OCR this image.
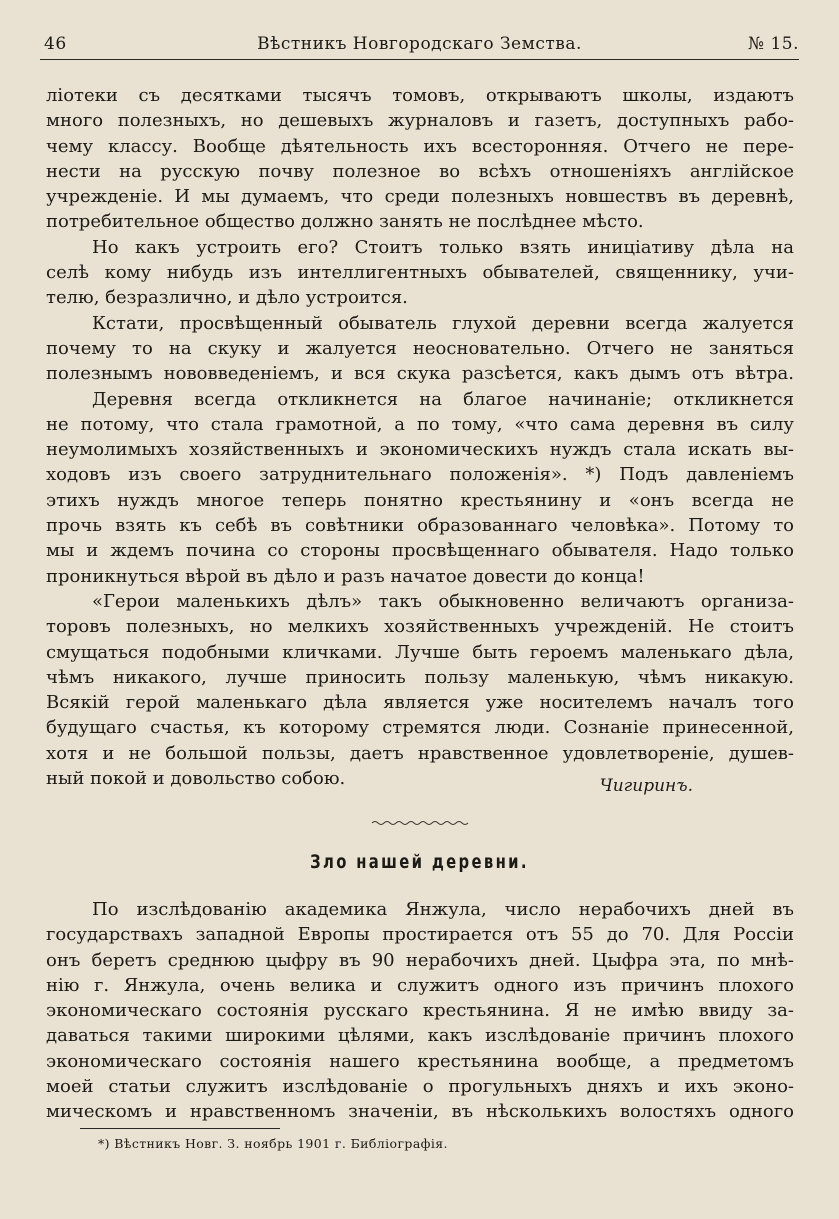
46	Вѣстникъ Новгородскаго Земства.	№ 15.
ліотеки съ десятками тысячъ томовъ, открываютъ школы, издаютъ
много полезныхъ, но дешевыхъ журналовъ и газетъ, доступныхъ рабо-
чему классу. Вообще дѣятельность ихъ всесторонняя. Отчего не пере-
нести на русскую почву полезное во всѣхъ отношеніяхъ англійское
учрежденіе. И мы думаемъ, что среди полезныхъ новшествъ въ деревнѣ,
потребительное общество должно занять не послѣднее мѣсто.
Но какъ устроить его? Стоитъ только взять иниціативу дѣла на
селѣ кому нибудь изъ интеллигентныхъ обывателей, священнику, учи-
телю, безразлично, и дѣло устроится.
Кстати, просвѣщенный обыватель глухой деревни всегда жалуется
почему то на скуку и жалуется неосновательно. Отчего не заняться
полезнымъ нововведеніемъ, и вся скука разсѣется, какъ дымъ отъ вѣтра.
Деревня всегда откликнется на благое начинаніе; откликнется
не потому, что стала грамотной, а по тому, «что сама деревня въ силу
неумолимыхъ хозяйственныхъ и экономическихъ нуждъ стала искать вы-
ходовъ изъ своего затруднительнаго положенія». *) Подъ давленіемъ
этихъ нуждъ многое теперь понятно крестьянину и «онъ всегда не
прочь взять къ себѣ въ совѣтники образованнаго человѣка». Потому то
мы и ждемъ почина со стороны просвѣщеннаго обывателя. Надо только
проникнуться вѣрой въ дѣло и разъ начатое довести до конца!
«Герои маленькихъ дѣлъ» такъ обыкновенно величаютъ организа-
торовъ полезныхъ, но мелкихъ хозяйственныхъ учрежденій. Не стоитъ
смущаться подобными кличками. Лучше быть героемъ маленькаго дѣла,
чѣмъ никакого, лучше приносить пользу маленькую, чѣмъ никакую.
Всякій герой маленькаго дѣла является уже носителемъ началъ того
будущаго счастья, къ которому стремятся люди. Сознаніе принесенной,
хотя и не большой пользы, даетъ нравственное удовлетвореніе, душев-
ный покой и довольство собою.	Чигиринъ.
Зло нашей деревни.
По изслѣдованію академика Янжула, число нерабочихъ дней въ
государствахъ западной Европы простирается отъ 55 до 70. Для Россіи
онъ беретъ среднюю цыфру въ 90 нерабочихъ дней. Цыфра эта, по мнѣ-
нію г. Янжула, очень велика и служитъ одного изъ причинъ плохого
экономическаго состоянія русскаго крестьянина. Я не имѣю ввиду за-
даваться такими широкими цѣлями, какъ изслѣдованіе причинъ плохого
экономическаго состоянія нашего крестьянина вообще, а предметомъ
моей статьи служитъ изслѣдованіе о прогульныхъ дняхъ и ихъ эконо-
мическомъ и нравственномъ значеніи, въ нѣсколькихъ волостяхъ одного
*) Вѣстникъ Новг. З. ноябрь 1901 г. Библіографія.
